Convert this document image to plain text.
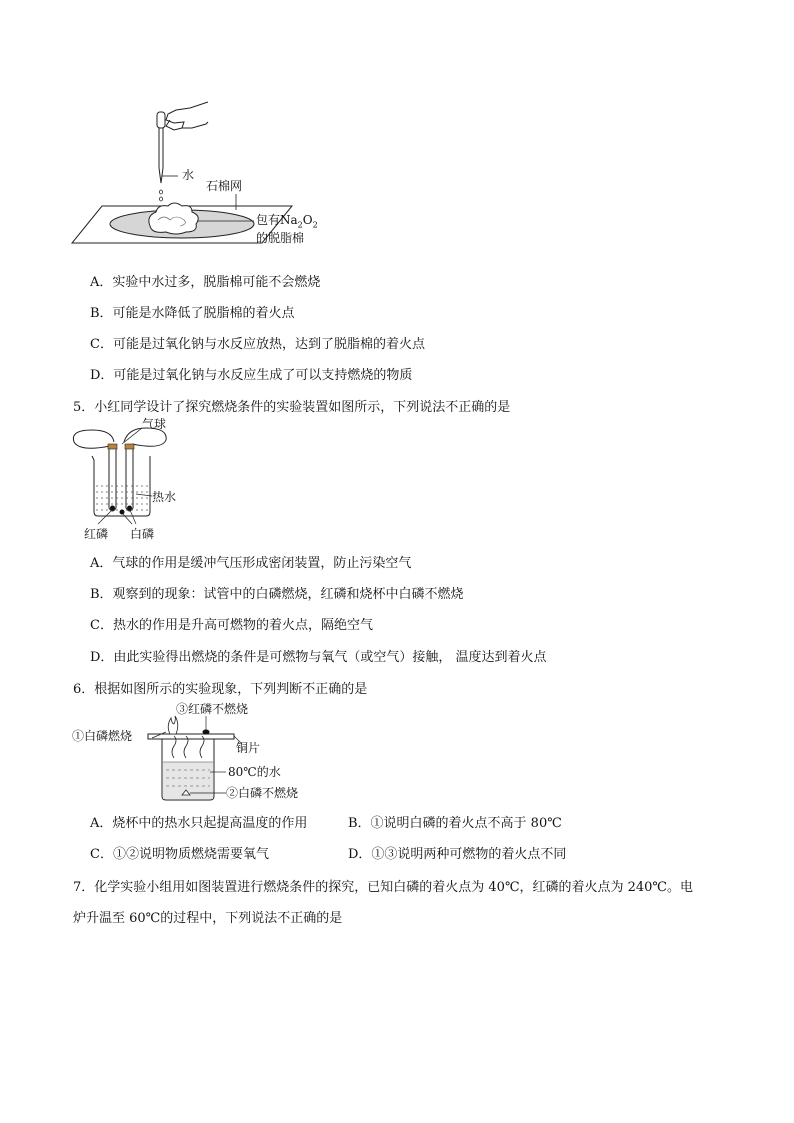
水
石棉网
包有$Na_2O_2$
的脱脂棉
A．实验中水过多，脱脂棉可能不会燃烧
B．可能是水降低了脱脂棉的着火点
C．可能是过氧化钠与水反应放热，达到了脱脂棉的着火点
D．可能是过氧化钠与水反应生成了可以支持燃烧的物质
5．小红同学设计了探究燃烧条件的实验装置如图所示，下列说法不正确的是
气球
热水
红磷 白磷
A．气球的作用是缓冲气压形成密闭装置，防止污染空气
B．观察到的现象：试管中的白磷燃烧，红磷和烧杯中白磷不燃烧
C．热水的作用是升高可燃物的着火点，隔绝空气
D．由此实验得出燃烧的条件是可燃物与氧气（或空气）接触， 温度达到着火点
6．根据如图所示的实验现象，下列判断不正确的是
③红磷不燃烧
①白磷燃烧
铜片
80℃的水
②白磷不燃烧
A．烧杯中的热水只起提高温度的作用	B．①说明白磷的着火点不高于 80℃
C．①②说明物质燃烧需要氧气	D．①③说明两种可燃物的着火点不同
7．化学实验小组用如图装置进行燃烧条件的探究，已知白磷的着火点为 40℃，红磷的着火点为 240℃。电
炉升温至 60℃的过程中，下列说法不正确的是
